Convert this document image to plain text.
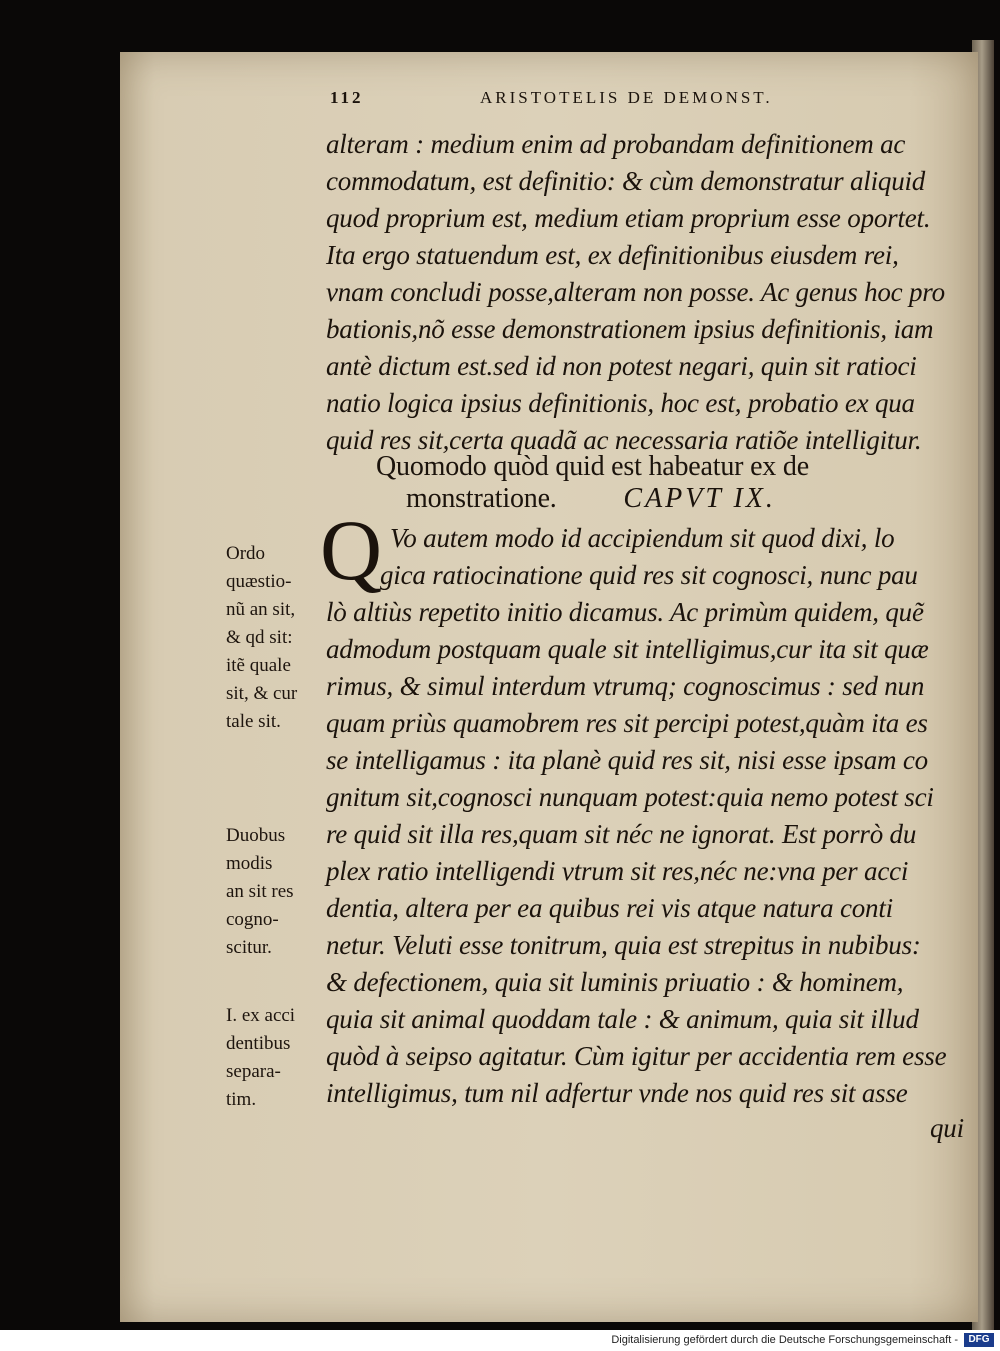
112	ARISTOTELIS DE DEMONST.
alteram : medium enim ad probandam definitionem ac
commodatum, est definitio: & cùm demonstratur aliquid
quod proprium est, medium etiam proprium esse oportet.
Ita ergo statuendum est, ex definitionibus eiusdem rei,
vnam concludi posse,alteram non posse. Ac genus hoc pro
bationis,nõ esse demonstrationem ipsius definitionis, iam
antè dictum est.sed id non potest negari, quin sit ratioci
natio logica ipsius definitionis, hoc est, probatio ex qua
quid res sit,certa quadã ac necessaria ratiõe intelligitur.
Quomodo quòd quid est habeatur ex de
monstratione. CAPVT IX.
Q Vo autem modo id accipiendum sit quod dixi, lo
gica ratiocinatione quid res sit cognosci, nunc pau
lò altiùs repetito initio dicamus. Ac primùm quidem, quẽ
admodum postquam quale sit intelligimus,cur ita sit quæ
rimus, & simul interdum vtrumq; cognoscimus : sed nun
quam priùs quamobrem res sit percipi potest,quàm ita es
se intelligamus : ita planè quid res sit, nisi esse ipsam co
gnitum sit,cognosci nunquam potest:quia nemo potest sci
re quid sit illa res,quam sit néc ne ignorat. Est porrò du
plex ratio intelligendi vtrum sit res,néc ne:vna per acci
dentia, altera per ea quibus rei vis atque natura conti
netur. Veluti esse tonitrum, quia est strepitus in nubibus:
& defectionem, quia sit luminis priuatio : & hominem,
quia sit animal quoddam tale : & animum, quia sit illud
quòd à seipso agitatur. Cùm igitur per accidentia rem esse
intelligimus, tum nil adfertur vnde nos quid res sit asse
qui
Ordo
quæstio-
nũ an sit,
& qd sit:
itẽ quale
sit, & cur
tale sit.
Duobus
modis
an sit res
cogno-
scitur.
I. ex acci
dentibus
separa-
tim.
Digitalisierung gefördert durch die Deutsche Forschungsgemeinschaft -	DFG
